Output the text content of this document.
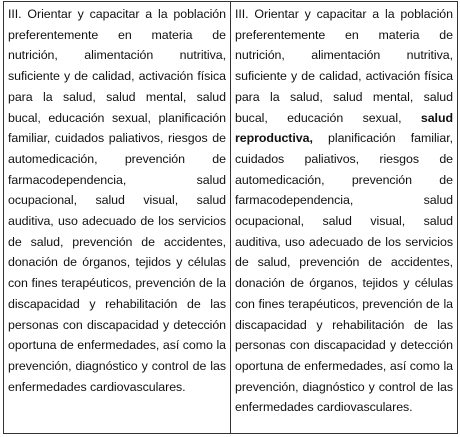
III. Orientar y capacitar a la población preferentemente en materia de nutrición, alimentación nutritiva, suficiente y de calidad, activación física para la salud, salud mental, salud bucal, educación sexual, planificación familiar, cuidados paliativos, riesgos de automedicación, prevención de farmacodependencia, salud ocupacional, salud visual, salud auditiva, uso adecuado de los servicios de salud, prevención de accidentes, donación de órganos, tejidos y células con fines terapéuticos, prevención de la discapacidad y rehabilitación de las personas con discapacidad y detección oportuna de enfermedades, así como la prevención, diagnóstico y control de las enfermedades cardiovasculares.

III. Orientar y capacitar a la población preferentemente en materia de nutrición, alimentación nutritiva, suficiente y de calidad, activación física para la salud, salud mental, salud bucal, educación sexual, salud reproductiva, planificación familiar, cuidados paliativos, riesgos de automedicación, prevención de farmacodependencia, salud ocupacional, salud visual, salud auditiva, uso adecuado de los servicios de salud, prevención de accidentes, donación de órganos, tejidos y células con fines terapéuticos, prevención de la discapacidad y rehabilitación de las personas con discapacidad y detección oportuna de enfermedades, así como la prevención, diagnóstico y control de las enfermedades cardiovasculares.
